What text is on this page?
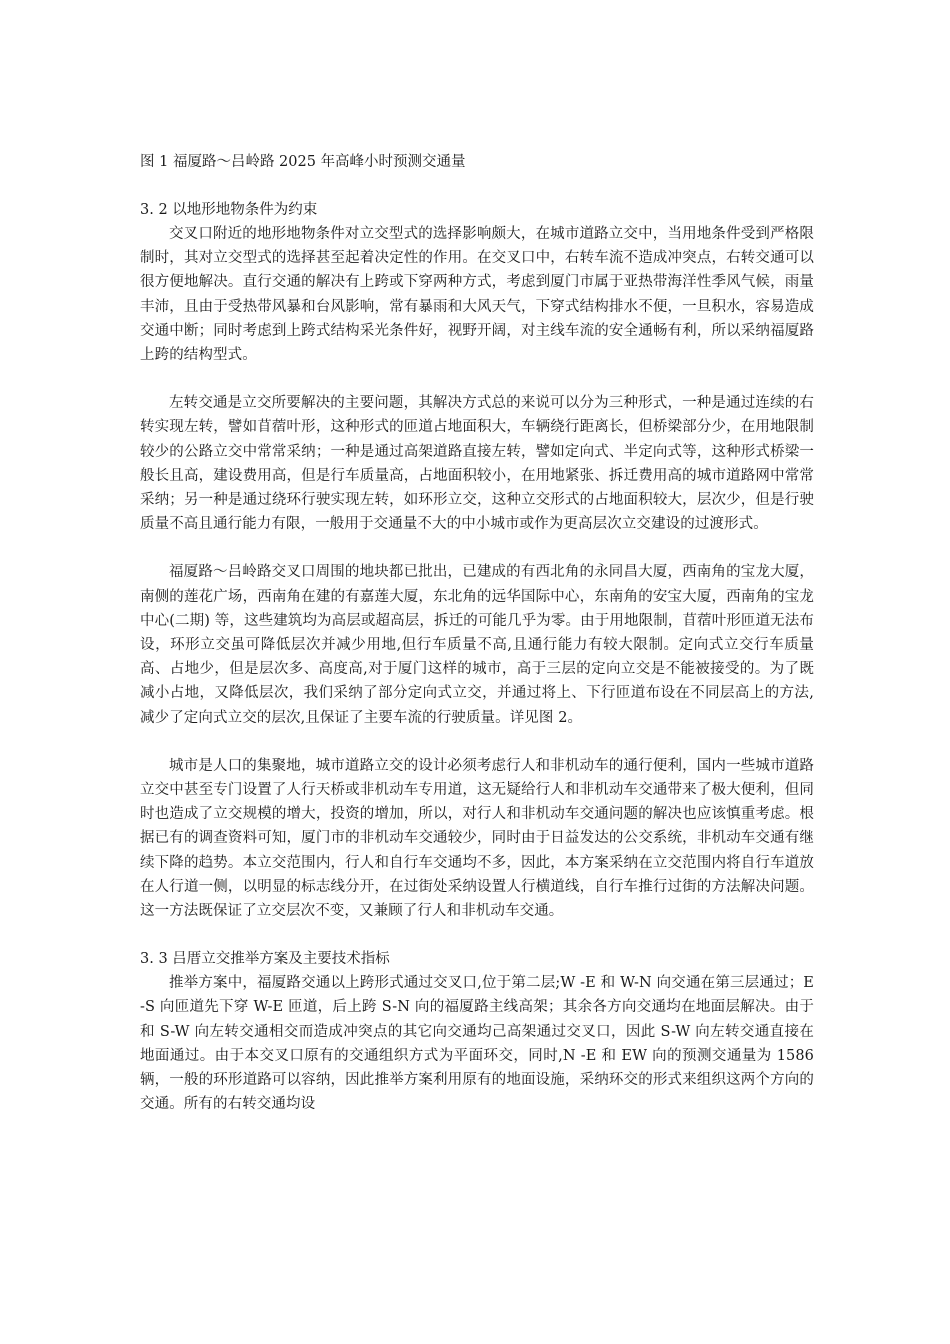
图 1 福厦路～吕岭路 2025 年高峰小时预测交通量

3. 2 以地形地物条件为约束

交叉口附近的地形地物条件对立交型式的选择影响颇大，在城市道路立交中，当用地条件受到严格限制时，其对立交型式的选择甚至起着决定性的作用。在交叉口中，右转车流不造成冲突点，右转交通可以很方便地解决。直行交通的解决有上跨或下穿两种方式，考虑到厦门市属于亚热带海洋性季风气候，雨量丰沛，且由于受热带风暴和台风影响，常有暴雨和大风天气，下穿式结构排水不便，一旦积水，容易造成交通中断；同时考虑到上跨式结构采光条件好，视野开阔，对主线车流的安全通畅有利，所以采纳福厦路上跨的结构型式。

左转交通是立交所要解决的主要问题，其解决方式总的来说可以分为三种形式，一种是通过连续的右转实现左转，譬如苜蓿叶形，这种形式的匝道占地面积大，车辆绕行距离长，但桥梁部分少，在用地限制较少的公路立交中常常采纳；一种是通过高架道路直接左转，譬如定向式、半定向式等，这种形式桥梁一般长且高，建设费用高，但是行车质量高，占地面积较小，在用地紧张、拆迁费用高的城市道路网中常常采纳；另一种是通过绕环行驶实现左转，如环形立交，这种立交形式的占地面积较大，层次少，但是行驶质量不高且通行能力有限，一般用于交通量不大的中小城市或作为更高层次立交建设的过渡形式。

福厦路～吕岭路交叉口周围的地块都已批出，已建成的有西北角的永同昌大厦，西南角的宝龙大厦，南侧的莲花广场，西南角在建的有嘉莲大厦，东北角的远华国际中心，东南角的安宝大厦，西南角的宝龙中心(二期) 等，这些建筑均为高层或超高层，拆迁的可能几乎为零。由于用地限制，苜蓿叶形匝道无法布设，环形立交虽可降低层次并减少用地,但行车质量不高,且通行能力有较大限制。定向式立交行车质量高、占地少，但是层次多、高度高,对于厦门这样的城市，高于三层的定向立交是不能被接受的。为了既减小占地，又降低层次，我们采纳了部分定向式立交，并通过将上、下行匝道布设在不同层高上的方法,减少了定向式立交的层次,且保证了主要车流的行驶质量。详见图 2。

城市是人口的集聚地，城市道路立交的设计必须考虑行人和非机动车的通行便利，国内一些城市道路立交中甚至专门设置了人行天桥或非机动车专用道，这无疑给行人和非机动车交通带来了极大便利，但同时也造成了立交规模的增大，投资的增加，所以，对行人和非机动车交通问题的解决也应该慎重考虑。根据已有的调查资料可知，厦门市的非机动车交通较少，同时由于日益发达的公交系统，非机动车交通有继续下降的趋势。本立交范围内，行人和自行车交通均不多，因此，本方案采纳在立交范围内将自行车道放在人行道一侧，以明显的标志线分开，在过街处采纳设置人行横道线，自行车推行过街的方法解决问题。这一方法既保证了立交层次不变，又兼顾了行人和非机动车交通。

3. 3 吕厝立交推举方案及主要技术指标

推举方案中，福厦路交通以上跨形式通过交叉口,位于第二层;W -E 和 W-N 向交通在第三层通过；E-S 向匝道先下穿 W-E 匝道，后上跨 S-N 向的福厦路主线高架；其余各方向交通均在地面层解决。由于和 S-W 向左转交通相交而造成冲突点的其它向交通均己高架通过交叉口，因此 S-W 向左转交通直接在地面通过。由于本交叉口原有的交通组织方式为平面环交，同时,N -E 和 EW 向的预测交通量为 1586 辆，一般的环形道路可以容纳，因此推举方案利用原有的地面设施，采纳环交的形式来组织这两个方向的交通。所有的右转交通均设
